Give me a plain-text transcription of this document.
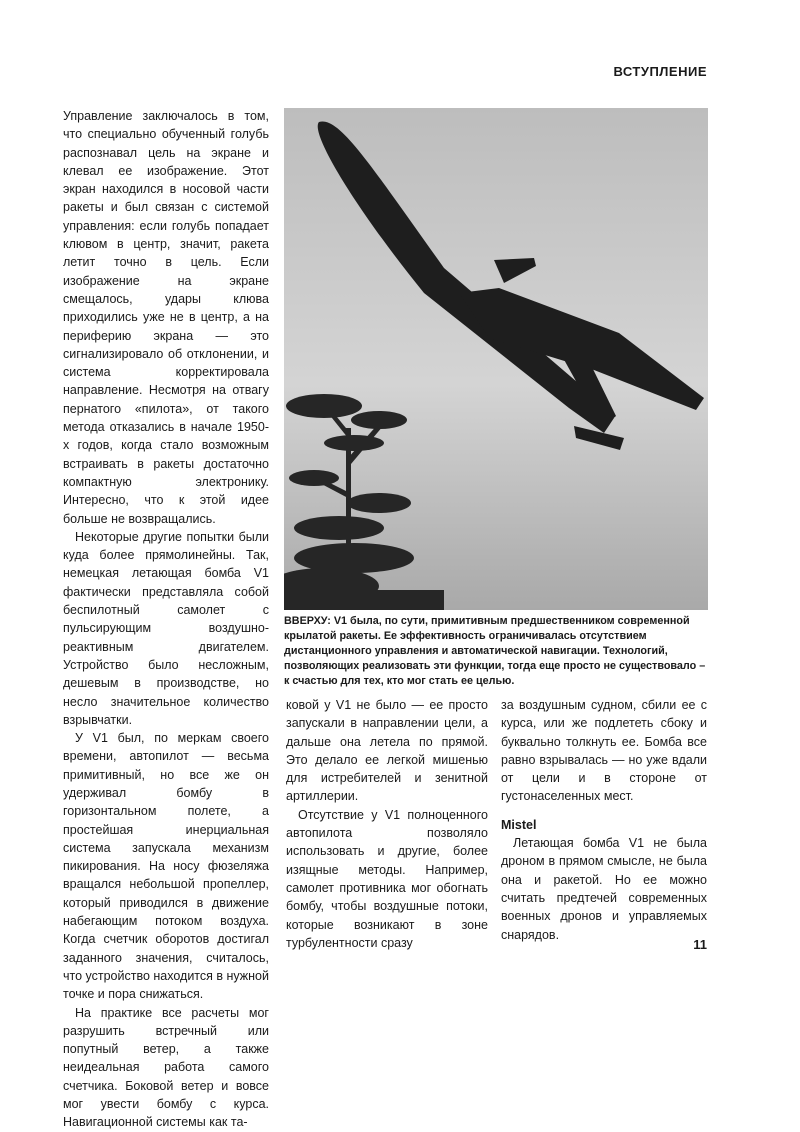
ВСТУПЛЕНИЕ

Управление заключалось в том, что специально обученный голубь распознавал цель на экране и клевал ее изображение. Этот экран находился в носовой части ракеты и был связан с системой управления: если голубь попадает клювом в центр, значит, ракета летит точно в цель. Если изображение на экране смещалось, удары клюва приходились уже не в центр, а на периферию экрана — это сигнализировало об отклонении, и система корректировала направление. Несмотря на отвагу пернатого «пилота», от такого метода отказались в начале 1950-х годов, когда стало возможным встраивать в ракеты достаточно компактную электронику. Интересно, что к этой идее больше не возвращались.

Некоторые другие попытки были куда более прямолинейны. Так, немецкая летающая бомба V1 фактически представляла собой беспилотный самолет с пульсирующим воздушно-реактивным двигателем. Устройство было несложным, дешевым в производстве, но несло значительное количество взрывчатки.

У V1 был, по меркам своего времени, автопилот — весьма примитивный, но все же он удерживал бомбу в горизонтальном полете, а простейшая инерциальная система запускала механизм пикирования. На носу фюзеляжа вращался небольшой пропеллер, который приводился в движение набегающим потоком воздуха. Когда счетчик оборотов достигал заданного значения, считалось, что устройство находится в нужной точке и пора снижаться.

На практике все расчеты мог разрушить встречный или попутный ветер, а также неидеальная работа самого счетчика. Боковой ветер и вовсе мог увести бомбу с курса. Навигационной системы как та-

ВВЕРХУ: V1 была, по сути, примитивным предшественником современной крылатой ракеты. Ее эффективность ограничивалась отсутствием дистанционного управления и автоматической навигации. Технологий, позволяющих реализовать эти функции, тогда еще просто не существовало – к счастью для тех, кто мог стать ее целью.

ковой у V1 не было — ее просто запускали в направлении цели, а дальше она летела по прямой. Это делало ее легкой мишенью для истребителей и зенитной артиллерии.

Отсутствие у V1 полноценного автопилота позволяло использовать и другие, более изящные методы. Например, самолет противника мог обогнать бомбу, чтобы воздушные потоки, которые возникают в зоне турбулентности сразу

за воздушным судном, сбили ее с курса, или же подлететь сбоку и буквально толкнуть ее. Бомба все равно взрывалась — но уже вдали от цели и в стороне от густонаселенных мест.

Mistel

Летающая бомба V1 не была дроном в прямом смысле, не была она и ракетой. Но ее можно считать предтечей современных военных дронов и управляемых снарядов.

11
